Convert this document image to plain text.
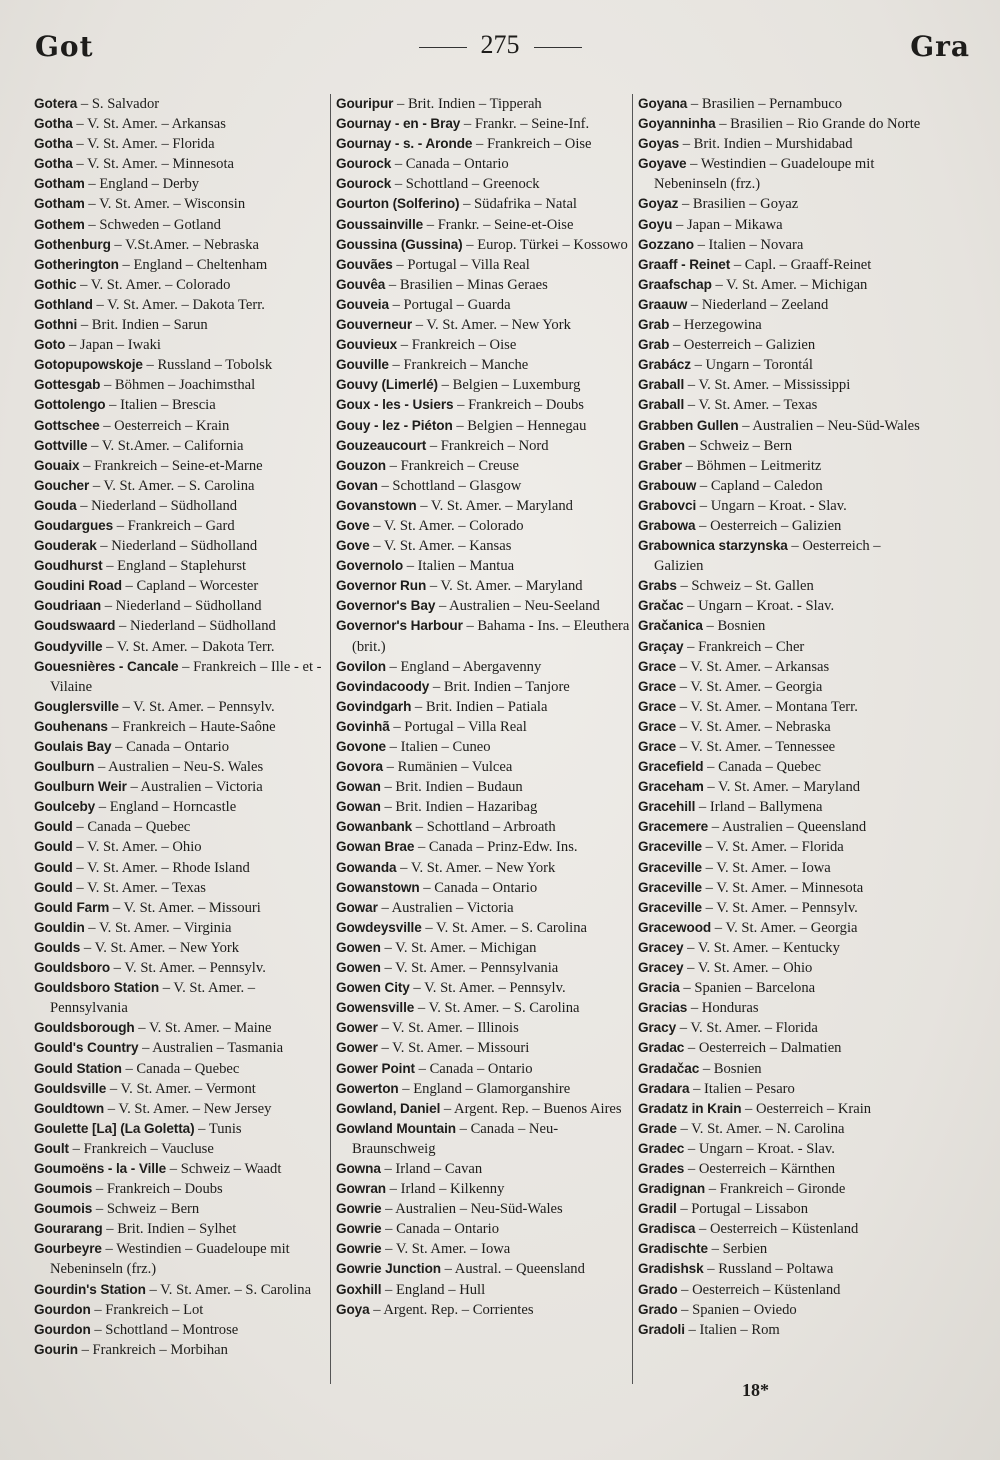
Got	275	Gra
Gotera – S. Salvador
Gotha – V. St. Amer. – Arkansas
Gotha – V. St. Amer. – Florida
Gotha – V. St. Amer. – Minnesota
Gotham – England – Derby
Gotham – V. St. Amer. – Wisconsin
Gothem – Schweden – Gotland
Gothenburg – V.St.Amer. – Nebraska
Gotherington – England – Cheltenham
Gothic – V. St. Amer. – Colorado
Gothland – V. St. Amer. – Dakota Terr.
Gothni – Brit. Indien – Sarun
Goto – Japan – Iwaki
Gotopupowskoje – Russland – Tobolsk
Gottesgab – Böhmen – Joachimsthal
Gottolengo – Italien – Brescia
Gottschee – Oesterreich – Krain
Gottville – V. St.Amer. – California
Gouaix – Frankreich – Seine-et-Marne
Goucher – V. St. Amer. – S. Carolina
Gouda – Niederland – Südholland
Goudargues – Frankreich – Gard
Gouderak – Niederland – Südholland
Goudhurst – England – Staplehurst
Goudini Road – Capland – Worcester
Goudriaan – Niederland – Südholland
Goudswaard – Niederland – Südholland
Goudyville – V. St. Amer. – Dakota Terr.
Gouesnières - Cancale – Frankreich – Ille - et - Vilaine
Gouglersville – V. St. Amer. – Pennsylv.
Gouhenans – Frankreich – Haute-Saône
Goulais Bay – Canada – Ontario
Goulburn – Australien – Neu-S. Wales
Goulburn Weir – Australien – Victoria
Goulceby – England – Horncastle
Gould – Canada – Quebec
Gould – V. St. Amer. – Ohio
Gould – V. St. Amer. – Rhode Island
Gould – V. St. Amer. – Texas
Gould Farm – V. St. Amer. – Missouri
Gouldin – V. St. Amer. – Virginia
Goulds – V. St. Amer. – New York
Gouldsboro – V. St. Amer. – Pennsylv.
Gouldsboro Station – V. St. Amer. – Pennsylvania
Gouldsborough – V. St. Amer. – Maine
Gould's Country – Australien – Tasmania
Gould Station – Canada – Quebec
Gouldsville – V. St. Amer. – Vermont
Gouldtown – V. St. Amer. – New Jersey
Goulette [La] (La Goletta) – Tunis
Goult – Frankreich – Vaucluse
Goumoëns - la - Ville – Schweiz – Waadt
Goumois – Frankreich – Doubs
Goumois – Schweiz – Bern
Gourarang – Brit. Indien – Sylhet
Gourbeyre – Westindien – Guadeloupe mit Nebeninseln (frz.)
Gourdin's Station – V. St. Amer. – S. Carolina
Gourdon – Frankreich – Lot
Gourdon – Schottland – Montrose
Gourin – Frankreich – Morbihan
Gouripur – Brit. Indien – Tipperah
Gournay - en - Bray – Frankr. – Seine-Inf.
Gournay - s. - Aronde – Frankreich – Oise
Gourock – Canada – Ontario
Gourock – Schottland – Greenock
Gourton (Solferino) – Südafrika – Natal
Goussainville – Frankr. – Seine-et-Oise
Goussina (Gussina) – Europ. Türkei – Kossowo
Gouvães – Portugal – Villa Real
Gouvêa – Brasilien – Minas Geraes
Gouveia – Portugal – Guarda
Gouverneur – V. St. Amer. – New York
Gouvieux – Frankreich – Oise
Gouville – Frankreich – Manche
Gouvy (Limerlé) – Belgien – Luxemburg
Goux - les - Usiers – Frankreich – Doubs
Gouy - lez - Piéton – Belgien – Hennegau
Gouzeaucourt – Frankreich – Nord
Gouzon – Frankreich – Creuse
Govan – Schottland – Glasgow
Govanstown – V. St. Amer. – Maryland
Gove – V. St. Amer. – Colorado
Gove – V. St. Amer. – Kansas
Governolo – Italien – Mantua
Governor Run – V. St. Amer. – Maryland
Governor's Bay – Australien – Neu-Seeland
Governor's Harbour – Bahama - Ins. – Eleuthera (brit.)
Govilon – England – Abergavenny
Govindacoody – Brit. Indien – Tanjore
Govindgarh – Brit. Indien – Patiala
Govinhã – Portugal – Villa Real
Govone – Italien – Cuneo
Govora – Rumänien – Vulcea
Gowan – Brit. Indien – Budaun
Gowan – Brit. Indien – Hazaribag
Gowanbank – Schottland – Arbroath
Gowan Brae – Canada – Prinz-Edw. Ins.
Gowanda – V. St. Amer. – New York
Gowanstown – Canada – Ontario
Gowar – Australien – Victoria
Gowdeysville – V. St. Amer. – S. Carolina
Gowen – V. St. Amer. – Michigan
Gowen – V. St. Amer. – Pennsylvania
Gowen City – V. St. Amer. – Pennsylv.
Gowensville – V. St. Amer. – S. Carolina
Gower – V. St. Amer. – Illinois
Gower – V. St. Amer. – Missouri
Gower Point – Canada – Ontario
Gowerton – England – Glamorganshire
Gowland, Daniel – Argent. Rep. – Buenos Aires
Gowland Mountain – Canada – Neu-Braunschweig
Gowna – Irland – Cavan
Gowran – Irland – Kilkenny
Gowrie – Australien – Neu-Süd-Wales
Gowrie – Canada – Ontario
Gowrie – V. St. Amer. – Iowa
Gowrie Junction – Austral. – Queensland
Goxhill – England – Hull
Goya – Argent. Rep. – Corrientes
Goyana – Brasilien – Pernambuco
Goyanninha – Brasilien – Rio Grande do Norte
Goyas – Brit. Indien – Murshidabad
Goyave – Westindien – Guadeloupe mit Nebeninseln (frz.)
Goyaz – Brasilien – Goyaz
Goyu – Japan – Mikawa
Gozzano – Italien – Novara
Graaff - Reinet – Capl. – Graaff-Reinet
Graafschap – V. St. Amer. – Michigan
Graauw – Niederland – Zeeland
Grab – Herzegowina
Grab – Oesterreich – Galizien
Grabácz – Ungarn – Torontál
Graball – V. St. Amer. – Mississippi
Graball – V. St. Amer. – Texas
Grabben Gullen – Australien – Neu-Süd-Wales
Graben – Schweiz – Bern
Graber – Böhmen – Leitmeritz
Grabouw – Capland – Caledon
Grabovci – Ungarn – Kroat. - Slav.
Grabowa – Oesterreich – Galizien
Grabownica starzynska – Oesterreich – Galizien
Grabs – Schweiz – St. Gallen
Gračac – Ungarn – Kroat. - Slav.
Gračanica – Bosnien
Graçay – Frankreich – Cher
Grace – V. St. Amer. – Arkansas
Grace – V. St. Amer. – Georgia
Grace – V. St. Amer. – Montana Terr.
Grace – V. St. Amer. – Nebraska
Grace – V. St. Amer. – Tennessee
Gracefield – Canada – Quebec
Graceham – V. St. Amer. – Maryland
Gracehill – Irland – Ballymena
Gracemere – Australien – Queensland
Graceville – V. St. Amer. – Florida
Graceville – V. St. Amer. – Iowa
Graceville – V. St. Amer. – Minnesota
Graceville – V. St. Amer. – Pennsylv.
Gracewood – V. St. Amer. – Georgia
Gracey – V. St. Amer. – Kentucky
Gracey – V. St. Amer. – Ohio
Gracia – Spanien – Barcelona
Gracias – Honduras
Gracy – V. St. Amer. – Florida
Gradac – Oesterreich – Dalmatien
Gradačac – Bosnien
Gradara – Italien – Pesaro
Gradatz in Krain – Oesterreich – Krain
Grade – V. St. Amer. – N. Carolina
Gradec – Ungarn – Kroat. - Slav.
Grades – Oesterreich – Kärnthen
Gradignan – Frankreich – Gironde
Gradil – Portugal – Lissabon
Gradisca – Oesterreich – Küstenland
Gradischte – Serbien
Gradishsk – Russland – Poltawa
Grado – Oesterreich – Küstenland
Grado – Spanien – Oviedo
Gradoli – Italien – Rom
18*
